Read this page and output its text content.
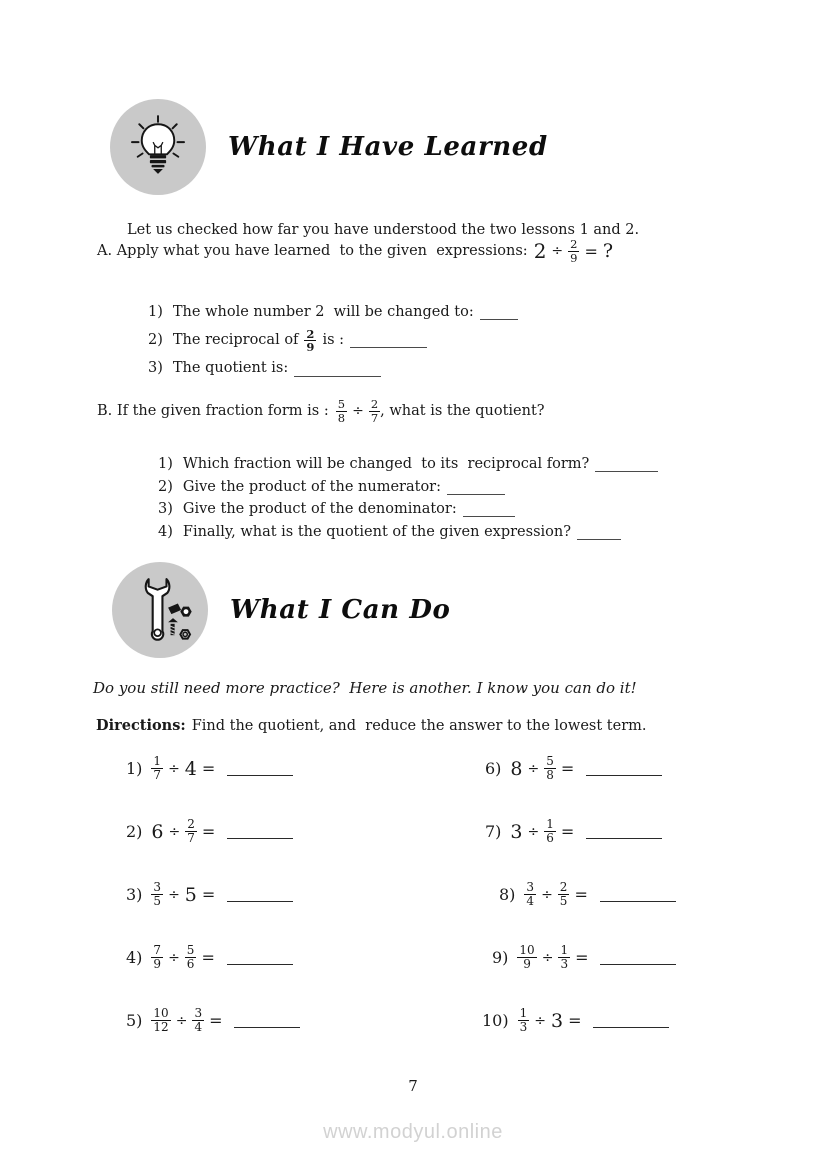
What I Have Learned
Let us checked how far you have understood the two lessons 1 and 2.
A. Apply what you have learned  to the given  expressions: $2 \div \frac{2}{9}$ = ?
1) The whole number 2  will be changed to:
2) The reciprocal of $\frac{2}{9}$ is :
3) The quotient is:
B. If the given fraction form is : $\frac{5}{8} \div \frac{2}{7}$ , what is the quotient?
1) Which fraction will be changed  to its  reciprocal form?
2) Give the product of the numerator:
3) Give the product of the denominator:
4) Finally, what is the quotient of the given expression?
What I Can Do
Do you still need more practice?  Here is another. I know you can do it!
Directions: Find the quotient, and  reduce the answer to the lowest term.
$1) \frac{1}{7} \div 4$ =
2) $6 \div \frac{2}{7}$ =
$3) \frac{3}{5} \div 5$ =
$4) \frac{7}{9} \div \frac{5}{6}$ =
$5) \frac{10}{12} \div \frac{3}{4}$ =
6) $8 \div \frac{5}{8}$ =
7) $3 \div \frac{1}{6}$ =
$8) \frac{3}{4} \div \frac{2}{5}$ =
$9) \frac{10}{9} \div \frac{1}{3}$ =
$10) \frac{1}{3} \div 3$ =
7
www.modyul.online
